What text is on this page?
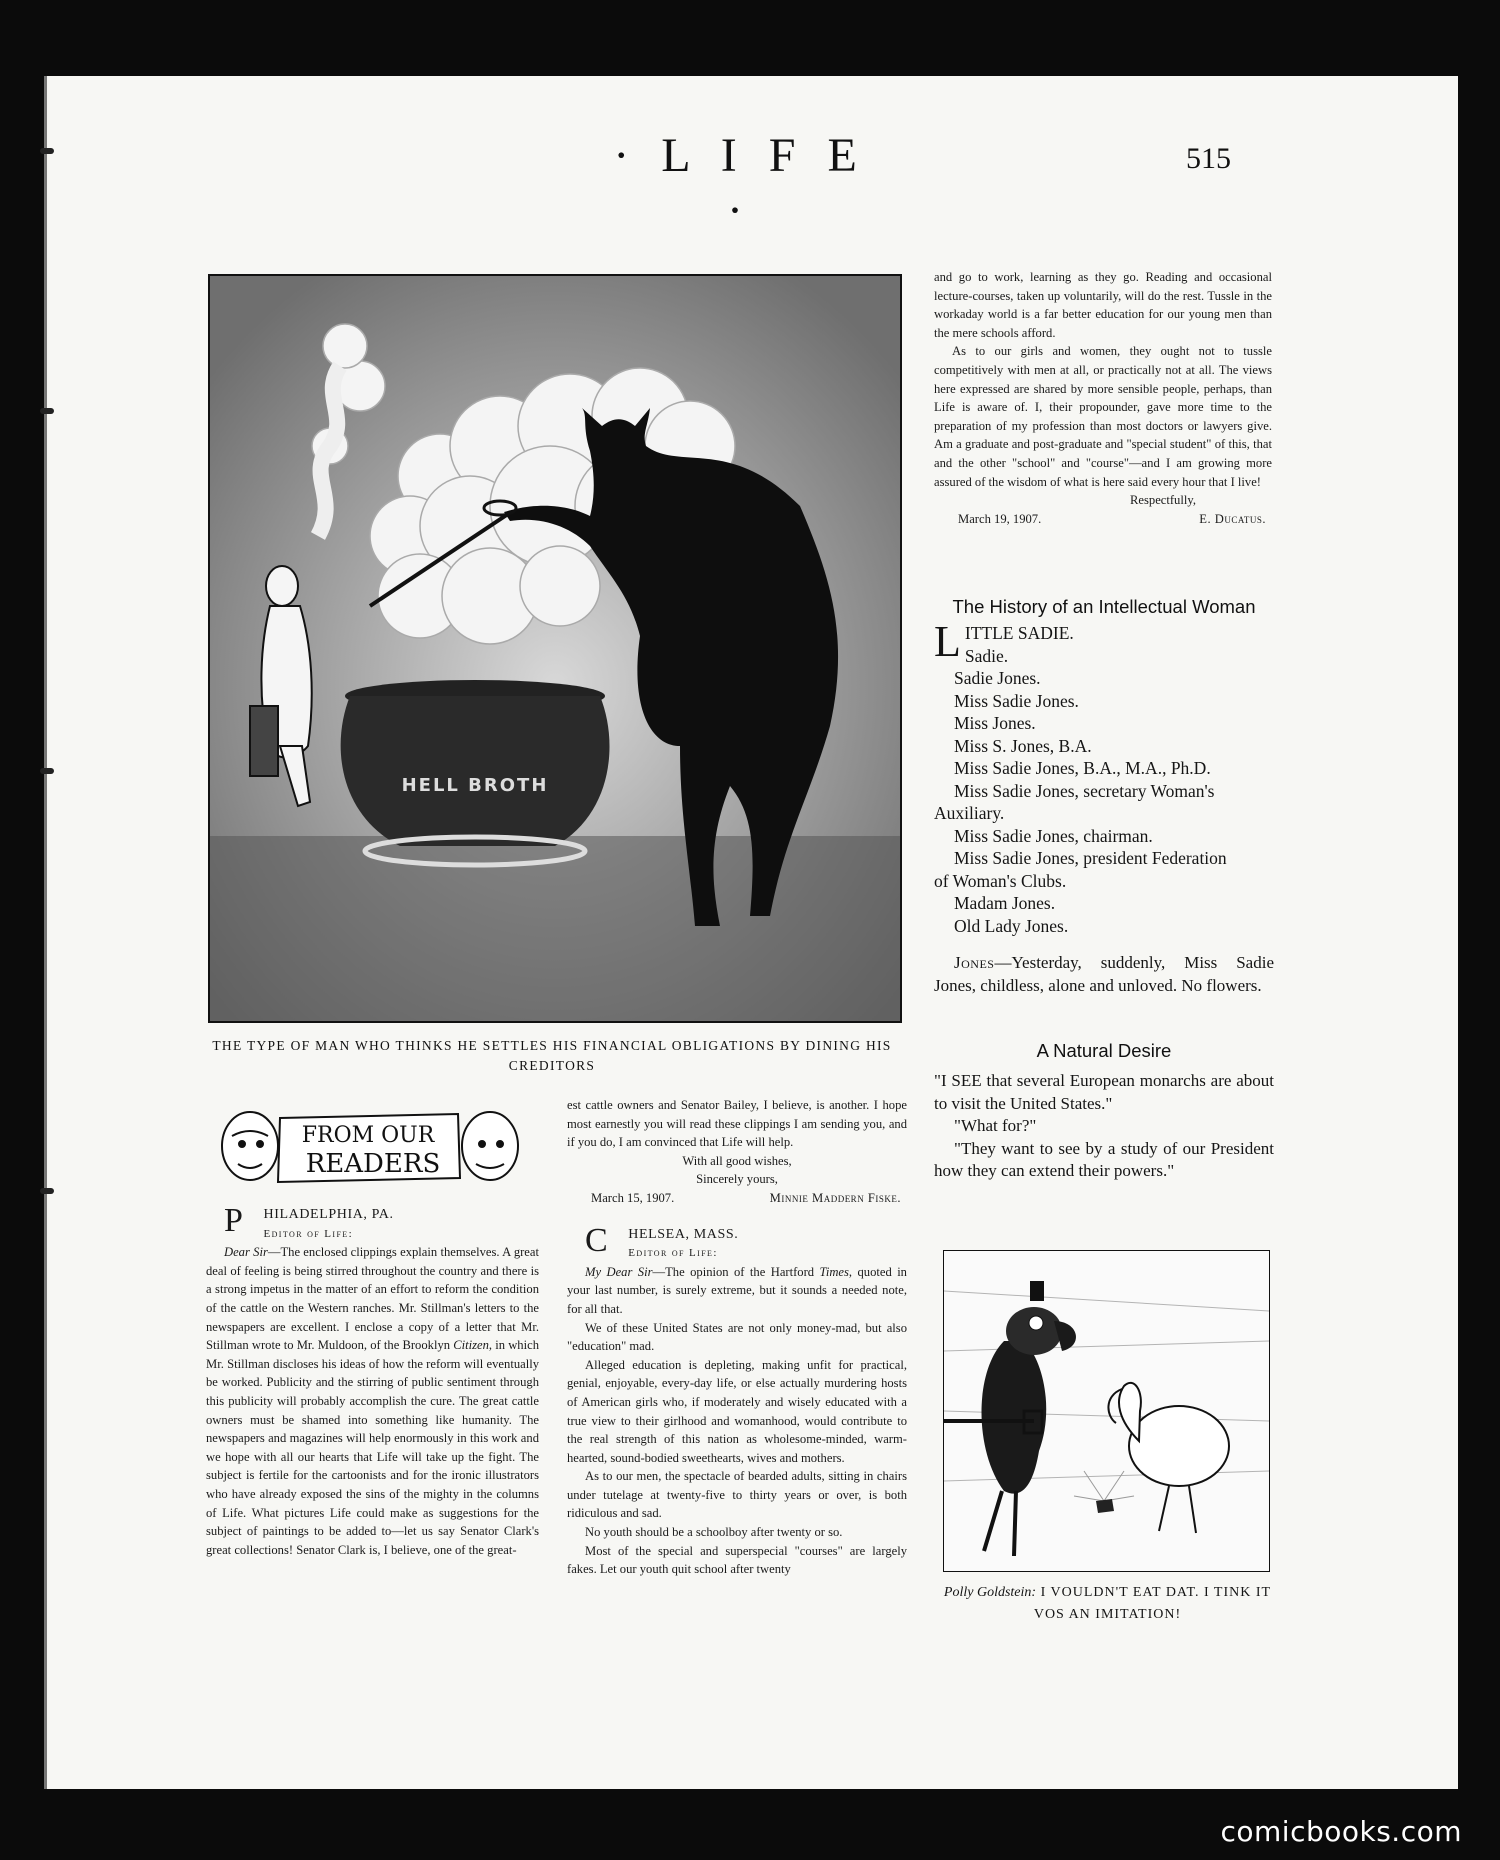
· L I F E ·
515
HELL BROTH
THE TYPE OF MAN WHO THINKS HE SETTLES HIS FINANCIAL OBLIGATIONS BY DINING HIS CREDITORS
FROM OUR
READERS

P HILADELPHIA, PA.

Editor of Life:

Dear Sir—The enclosed clippings explain themselves. A great deal of feeling is being stirred throughout the country and there is a strong impetus in the matter of an effort to reform the condition of the cattle on the Western ranches. Mr. Stillman's letters to the newspapers are excellent. I enclose a copy of a letter that Mr. Stillman wrote to Mr. Muldoon, of the Brooklyn Citizen, in which Mr. Stillman discloses his ideas of how the reform will eventually be worked. Publicity and the stirring of public sentiment through this publicity will probably accomplish the cure. The great cattle owners must be shamed into something like humanity. The newspapers and magazines will help enormously in this work and we hope with all our hearts that Life will take up the fight. The subject is fertile for the cartoonists and for the ironic illustrators who have already exposed the sins of the mighty in the columns of Life. What pictures Life could make as suggestions for the subject of paintings to be added to—let us say Senator Clark's great collections! Senator Clark is, I believe, one of the great-

est cattle owners and Senator Bailey, I believe, is another. I hope most earnestly you will read these clippings I am sending you, and if you do, I am convinced that Life will help.

With all good wishes,

Sincerely yours,

March 15, 1907.	Minnie Maddern Fiske.

C HELSEA, MASS.

Editor of Life:

My Dear Sir—The opinion of the Hartford Times, quoted in your last number, is surely extreme, but it sounds a needed note, for all that.

We of these United States are not only money-mad, but also "education" mad.

Alleged education is depleting, making unfit for practical, genial, enjoyable, every-day life, or else actually murdering hosts of American girls who, if moderately and wisely educated with a true view to their girlhood and womanhood, would contribute to the real strength of this nation as wholesome-minded, warm-hearted, sound-bodied sweethearts, wives and mothers.

As to our men, the spectacle of bearded adults, sitting in chairs under tutelage at twenty-five to thirty years or over, is both ridiculous and sad.

No youth should be a schoolboy after twenty or so.

Most of the special and superspecial "courses" are largely fakes. Let our youth quit school after twenty

and go to work, learning as they go. Reading and occasional lecture-courses, taken up voluntarily, will do the rest. Tussle in the workaday world is a far better education for our young men than the mere schools afford.

As to our girls and women, they ought not to tussle competitively with men at all, or practically not at all. The views here expressed are shared by more sensible people, perhaps, than Life is aware of. I, their propounder, gave more time to the preparation of my profession than most doctors or lawyers give. Am a graduate and post-graduate and "special student" of this, that and the other "school" and "course"—and I am growing more assured of the wisdom of what is here said every hour that I live!

Respectfully,

March 19, 1907.	E. Ducatus.
The History of an Intellectual Woman
LITTLE SADIE.
Sadie.
Sadie Jones.
Miss Sadie Jones.
Miss Jones.
Miss S. Jones, B.A.
Miss Sadie Jones, B.A., M.A., Ph.D.
Miss Sadie Jones, secretary Woman's
Auxiliary.
Miss Sadie Jones, chairman.
Miss Sadie Jones, president Federation
of Woman's Clubs.
Madam Jones.
Old Lady Jones.

Jones—Yesterday, suddenly, Miss Sadie Jones, childless, alone and unloved. No flowers.

A Natural Desire

"I SEE that several European monarchs are about to visit the United States."

"What for?"

"They want to see by a study of our President how they can extend their powers."

Polly Goldstein: I VOULDN'T EAT DAT. I TINK IT VOS AN IMITATION!
comicbooks.com
